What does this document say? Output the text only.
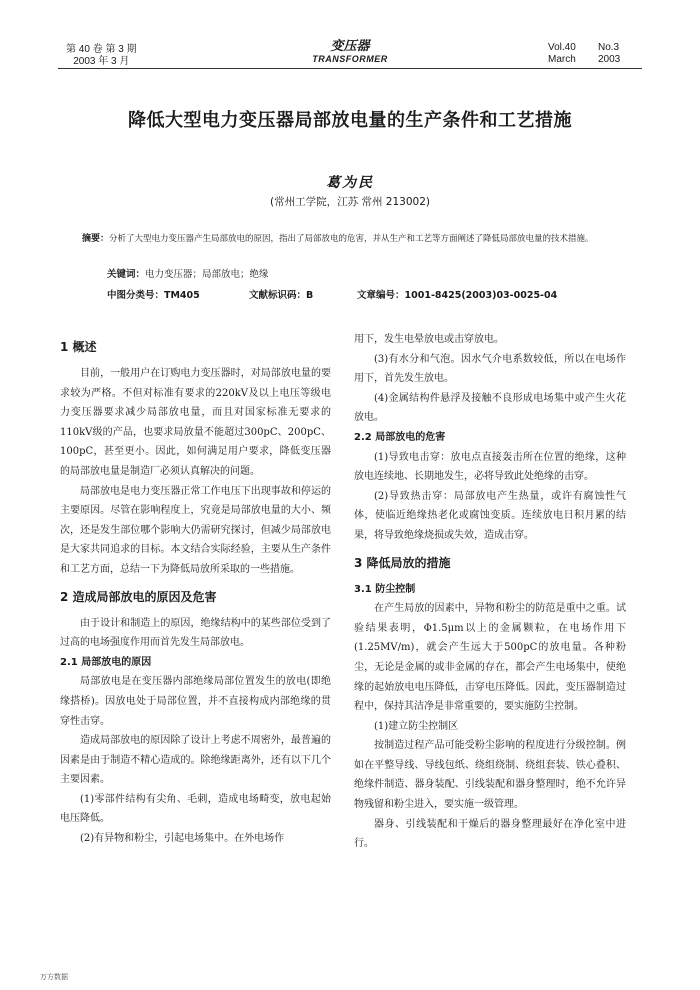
第 40 卷 第 3 期
2003 年 3 月
变压器
TRANSFORMER
Vol.40 No.3
March 2003
降低大型电力变压器局部放电量的生产条件和工艺措施
葛为民
(常州工学院，江苏 常州 213002)
摘要：分析了大型电力变压器产生局部放电的原因，指出了局部放电的危害，并从生产和工艺等方面阐述了降低局部放电量的技术措施。
关键词：电力变压器；局部放电；绝缘
中图分类号：TM405	文献标识码：B	文章编号：1001-8425(2003)03-0025-04
1 概述

目前，一般用户在订购电力变压器时，对局部放电量的要求较为严格。不但对标准有要求的220kV及以上电压等级电力变压器要求减少局部放电量，而且对国家标准无要求的110kV级的产品，也要求局放量不能超过300pC、200pC、100pC，甚至更小。因此，如何满足用户要求，降低变压器的局部放电量是制造厂必须认真解决的问题。

局部放电是电力变压器正常工作电压下出现事故和停运的主要原因。尽管在影响程度上，究竟是局部放电量的大小、频次，还是发生部位哪个影响大仍需研究探讨，但减少局部放电是大家共同追求的目标。本文结合实际经验，主要从生产条件和工艺方面，总结一下为降低局放所采取的一些措施。

2 造成局部放电的原因及危害

由于设计和制造上的原因，绝缘结构中的某些部位受到了过高的电场强度作用而首先发生局部放电。

2.1 局部放电的原因

局部放电是在变压器内部绝缘局部位置发生的放电(即绝缘搭桥)。因放电处于局部位置，并不直接构成内部绝缘的贯穿性击穿。

造成局部放电的原因除了设计上考虑不周密外，最普遍的因素是由于制造不精心造成的。除绝缘距离外，还有以下几个主要因素。

(1)零部件结构有尖角、毛刺，造成电场畸变，放电起始电压降低。

(2)有异物和粉尘，引起电场集中。在外电场作

用下，发生电晕放电或击穿放电。

(3)有水分和气泡。因水气介电系数较低，所以在电场作用下，首先发生放电。

(4)金属结构件悬浮及接触不良形成电场集中或产生火花放电。

2.2 局部放电的危害

(1)导致电击穿：放电点直接轰击所在位置的绝缘，这种放电连续地、长期地发生，必将导致此处绝缘的击穿。

(2)导致热击穿：局部放电产生热量，或许有腐蚀性气体，使临近绝缘热老化或腐蚀变质。连续放电日积月累的结果，将导致绝缘烧损或失效，造成击穿。

3 降低局放的措施
3.1 防尘控制

在产生局放的因素中，异物和粉尘的防范是重中之重。试验结果表明，Φ1.5μm以上的金属颗粒，在电场作用下(1.25MV/m)，就会产生远大于500pC的放电量。各种粉尘，无论是金属的或非金属的存在，都会产生电场集中，使绝缘的起始放电电压降低，击穿电压降低。因此，变压器制造过程中，保持其洁净是非常重要的，要实施防尘控制。

(1)建立防尘控制区

按制造过程产品可能受粉尘影响的程度进行分级控制。例如在平整导线、导线包纸、绕组绕制、绕组套装、铁心叠积、绝缘件制造、器身装配、引线装配和器身整理时，绝不允许异物残留和粉尘进入，要实施一级管理。

器身、引线装配和干燥后的器身整理最好在净化室中进行。

万方数据
